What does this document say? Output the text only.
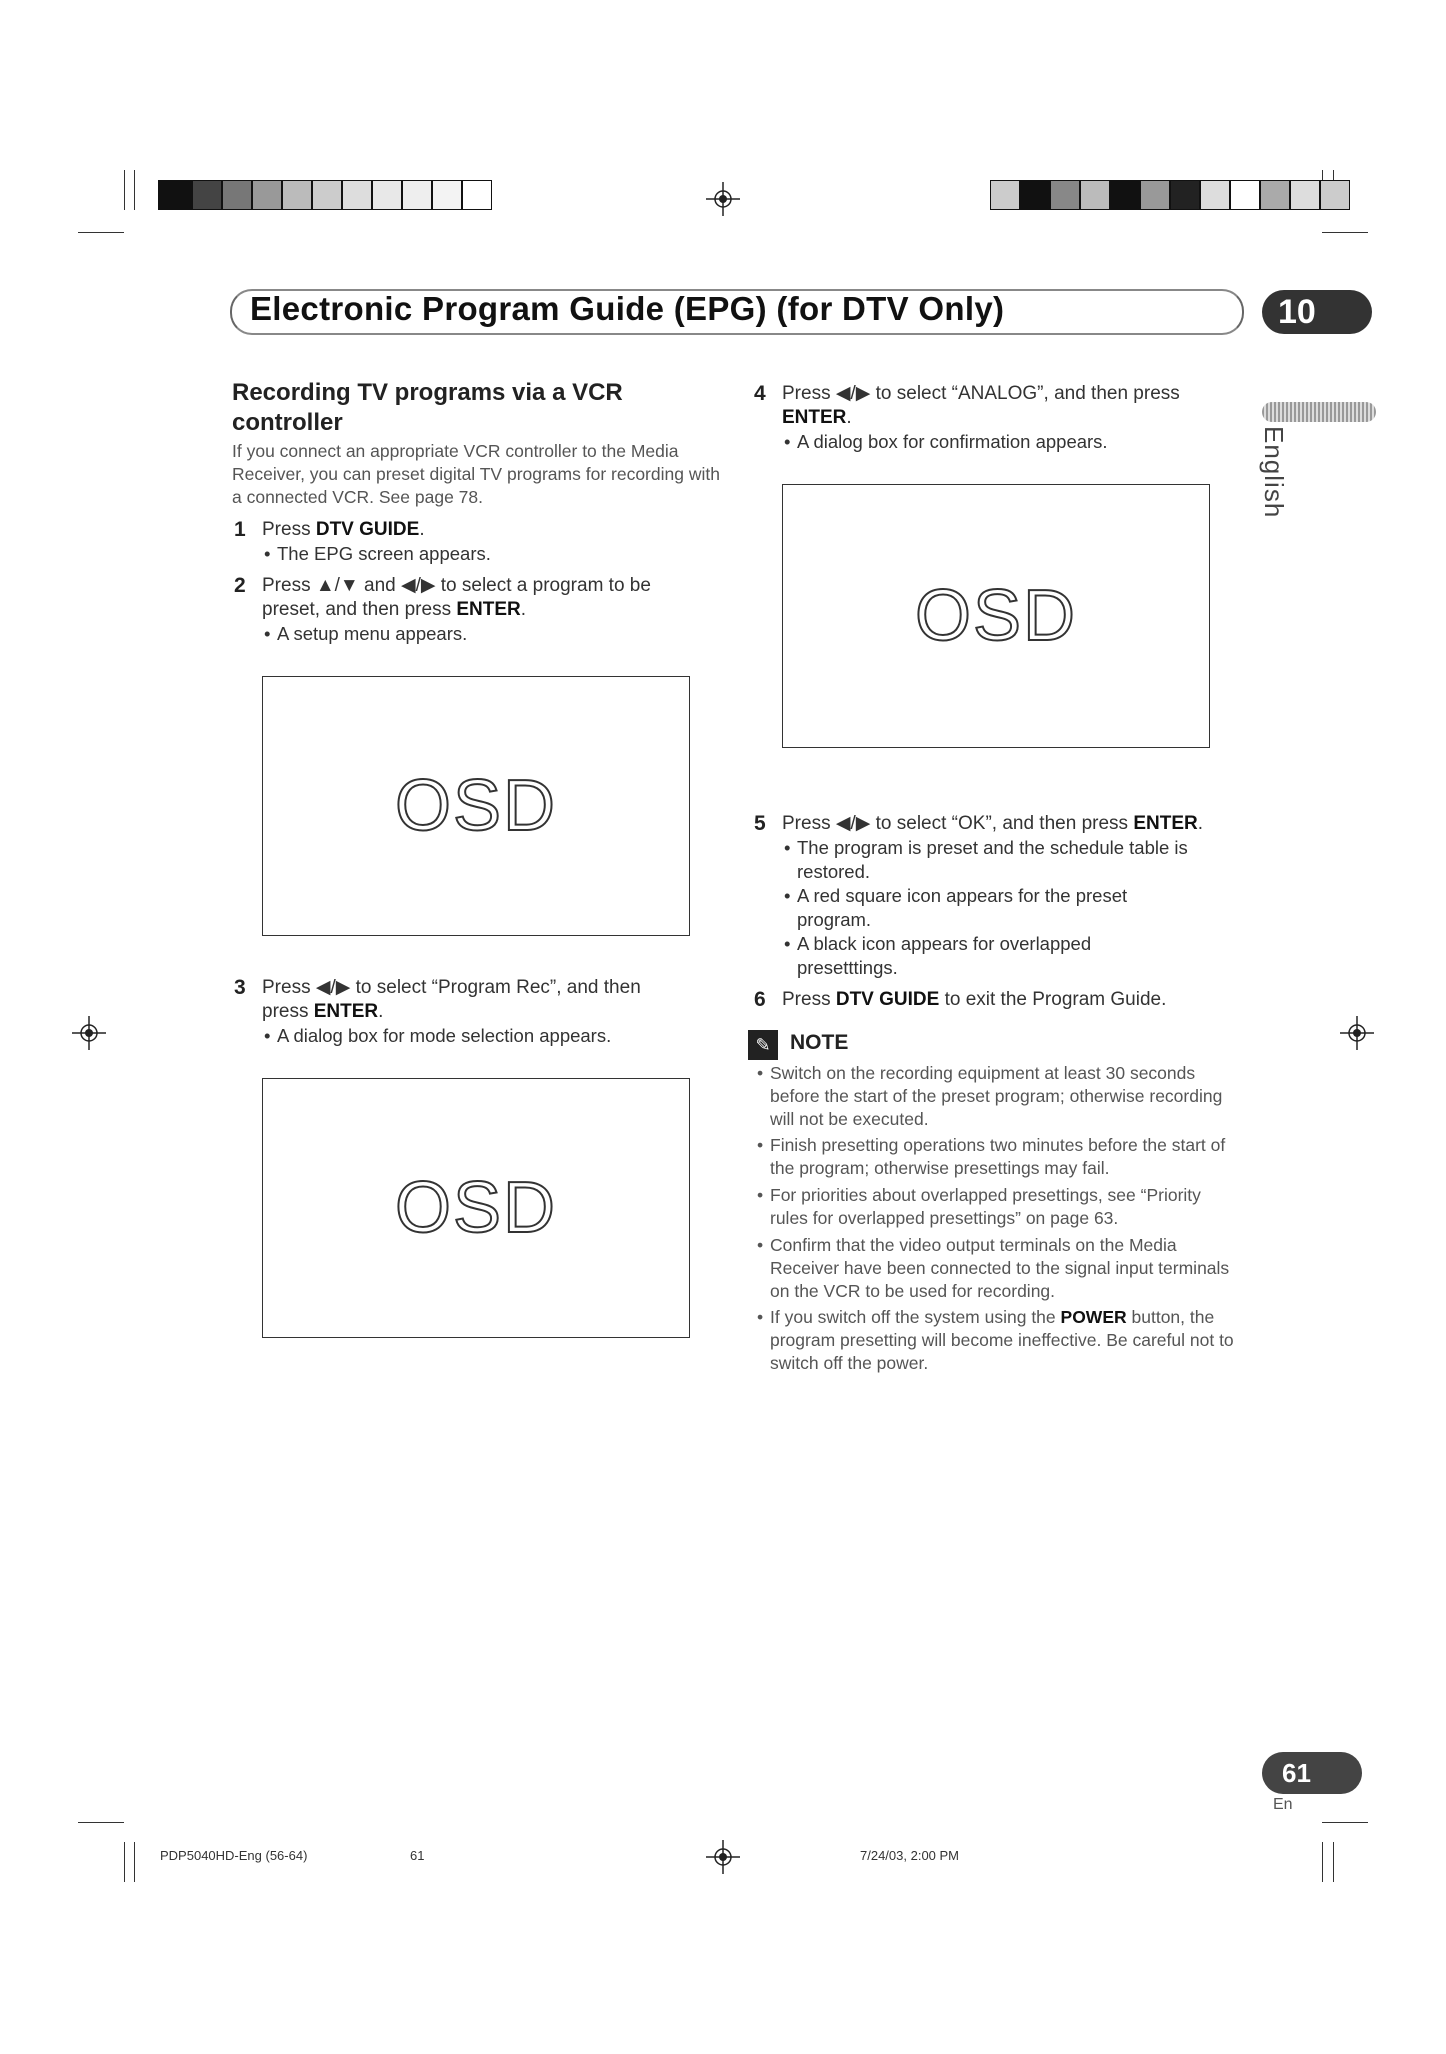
Electronic Program Guide (EPG) (for DTV Only)	10
English
Recording TV programs via a VCR controller
If you connect an appropriate VCR controller to the Media Receiver, you can preset digital TV programs for recording with a connected VCR. See page 78.
1 Press DTV GUIDE.
• The EPG screen appears.
2 Press ▲/▼ and ◀/▶ to select a program to be
preset, and then press ENTER.
• A setup menu appears.
OSD
3 Press ◀/▶ to select “Program Rec”, and then
press ENTER.
• A dialog box for mode selection appears.
OSD
4 Press ◀/▶ to select “ANALOG”, and then press
ENTER.
• A dialog box for confirmation appears.
OSD
5 Press ◀/▶ to select “OK”, and then press ENTER.
• The program is preset and the schedule table is
restored.
• A red square icon appears for the preset
program.
• A black icon appears for overlapped
presetttings.
6 Press DTV GUIDE to exit the Program Guide.
✎ NOTE
• Switch on the recording equipment at least 30 seconds before the start of the preset program; otherwise recording will not be executed.
• Finish presetting operations two minutes before the start of the program; otherwise presettings may fail.
• For priorities about overlapped presettings, see “Priority rules for overlapped presettings” on page 63.
• Confirm that the video output terminals on the Media Receiver have been connected to the signal input terminals on the VCR to be used for recording.
• If you switch off the system using the POWER button, the program presetting will become ineffective. Be careful not to switch off the power.
61
En
PDP5040HD-Eng (56-64)	61	7/24/03, 2:00 PM
